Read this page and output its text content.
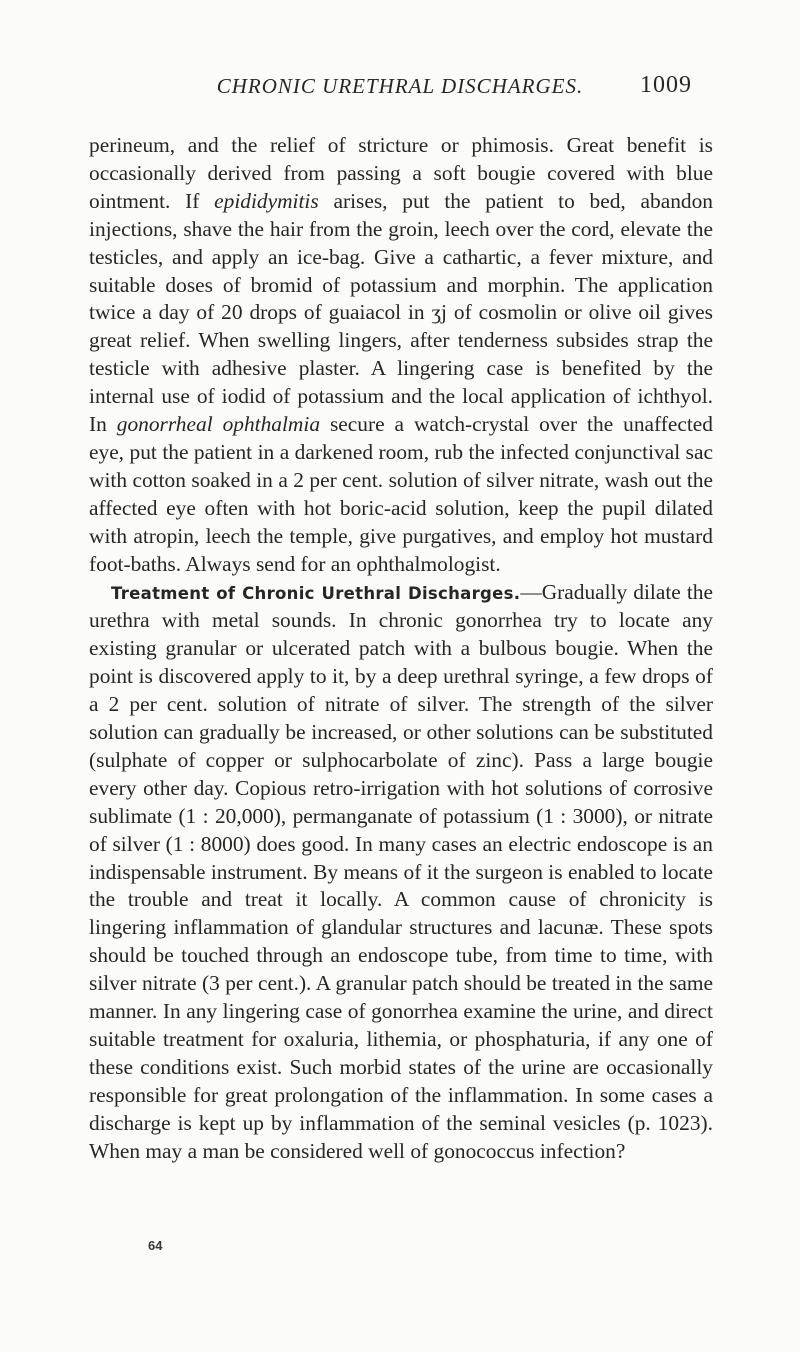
CHRONIC URETHRAL DISCHARGES.	1009

perineum, and the relief of stricture or phimosis. Great benefit is occasionally derived from passing a soft bougie covered with blue ointment. If epididymitis arises, put the patient to bed, abandon injections, shave the hair from the groin, leech over the cord, elevate the testicles, and apply an ice-bag. Give a cathartic, a fever mixture, and suitable doses of bromid of potassium and morphin. The application twice a day of 20 drops of guaiacol in ʒj of cosmolin or olive oil gives great relief. When swelling lingers, after tenderness subsides strap the testicle with adhesive plaster. A lingering case is benefited by the internal use of iodid of potassium and the local application of ichthyol. In gonorrheal ophthalmia secure a watch-crystal over the unaffected eye, put the patient in a darkened room, rub the infected conjunctival sac with cotton soaked in a 2 per cent. solution of silver nitrate, wash out the affected eye often with hot boric-acid solution, keep the pupil dilated with atropin, leech the temple, give purgatives, and employ hot mustard foot-baths. Always send for an ophthalmologist.

Treatment of Chronic Urethral Discharges.—Gradually dilate the urethra with metal sounds. In chronic gonorrhea try to locate any existing granular or ulcerated patch with a bulbous bougie. When the point is discovered apply to it, by a deep urethral syringe, a few drops of a 2 per cent. solution of nitrate of silver. The strength of the silver solution can gradually be increased, or other solutions can be substituted (sulphate of copper or sulphocarbolate of zinc). Pass a large bougie every other day. Copious retro-irrigation with hot solutions of corrosive sublimate (1 : 20,000), permanganate of potassium (1 : 3000), or nitrate of silver (1 : 8000) does good. In many cases an electric endoscope is an indispensable instrument. By means of it the surgeon is enabled to locate the trouble and treat it locally. A common cause of chronicity is lingering inflammation of glandular structures and lacunæ. These spots should be touched through an endoscope tube, from time to time, with silver nitrate (3 per cent.). A granular patch should be treated in the same manner. In any lingering case of gonorrhea examine the urine, and direct suitable treatment for oxaluria, lithemia, or phosphaturia, if any one of these conditions exist. Such morbid states of the urine are occasionally responsible for great prolongation of the inflammation. In some cases a discharge is kept up by inflammation of the seminal vesicles (p. 1023). When may a man be considered well of gonococcus infection?

64
